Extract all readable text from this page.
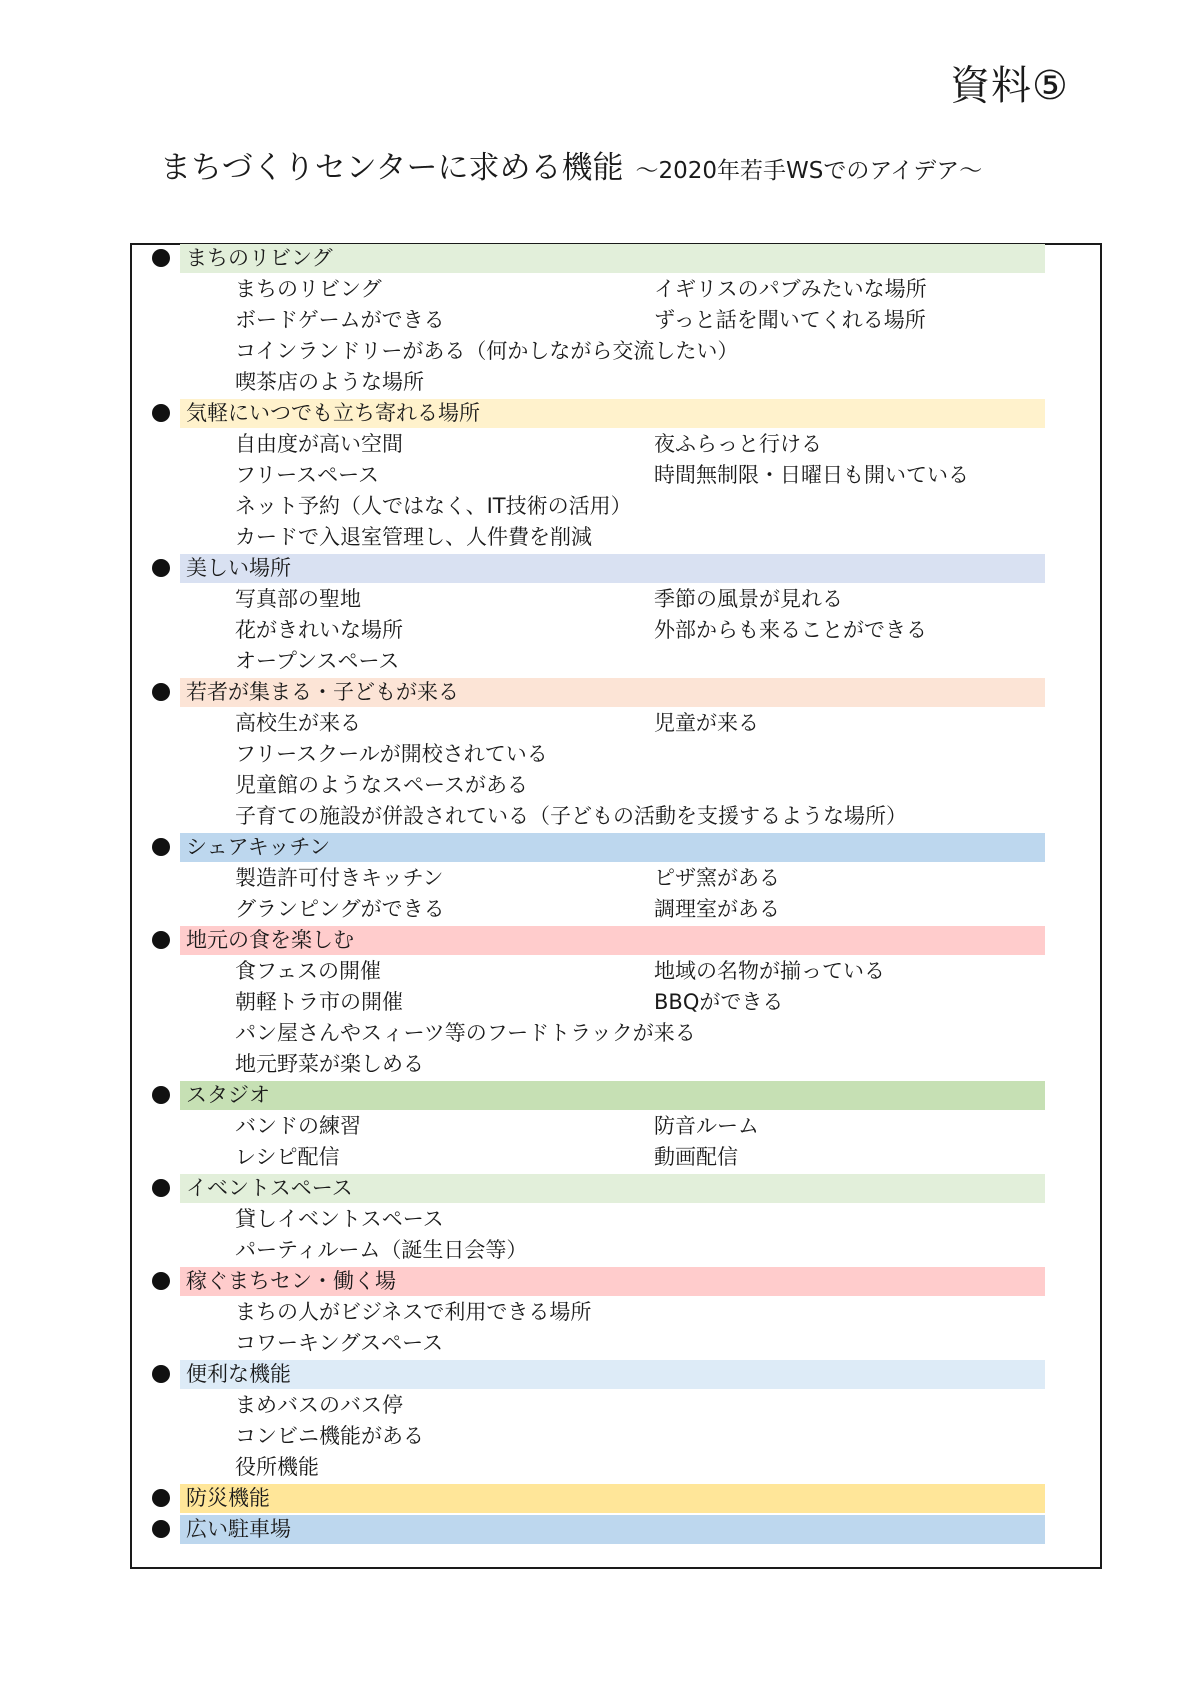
資料⑤
まちづくりセンターに求める機能 ～2020年若手WSでのアイデア～
まちのリビング
まちのリビング	イギリスのパブみたいな場所
ボードゲームができる	ずっと話を聞いてくれる場所
コインランドリーがある（何かしながら交流したい）
喫茶店のような場所
気軽にいつでも立ち寄れる場所
自由度が高い空間	夜ふらっと行ける
フリースペース	時間無制限・日曜日も開いている
ネット予約（人ではなく、IT技術の活用）
カードで入退室管理し、人件費を削減
美しい場所
写真部の聖地	季節の風景が見れる
花がきれいな場所	外部からも来ることができる
オープンスペース
若者が集まる・子どもが来る
高校生が来る	児童が来る
フリースクールが開校されている
児童館のようなスペースがある
子育ての施設が併設されている（子どもの活動を支援するような場所）
シェアキッチン
製造許可付きキッチン	ピザ窯がある
グランピングができる	調理室がある
地元の食を楽しむ
食フェスの開催	地域の名物が揃っている
朝軽トラ市の開催	BBQができる
パン屋さんやスィーツ等のフードトラックが来る
地元野菜が楽しめる
スタジオ
バンドの練習	防音ルーム
レシピ配信	動画配信
イベントスペース
貸しイベントスペース
パーティルーム（誕生日会等）
稼ぐまちセン・働く場
まちの人がビジネスで利用できる場所
コワーキングスペース
便利な機能
まめバスのバス停
コンビニ機能がある
役所機能
防災機能
広い駐車場
